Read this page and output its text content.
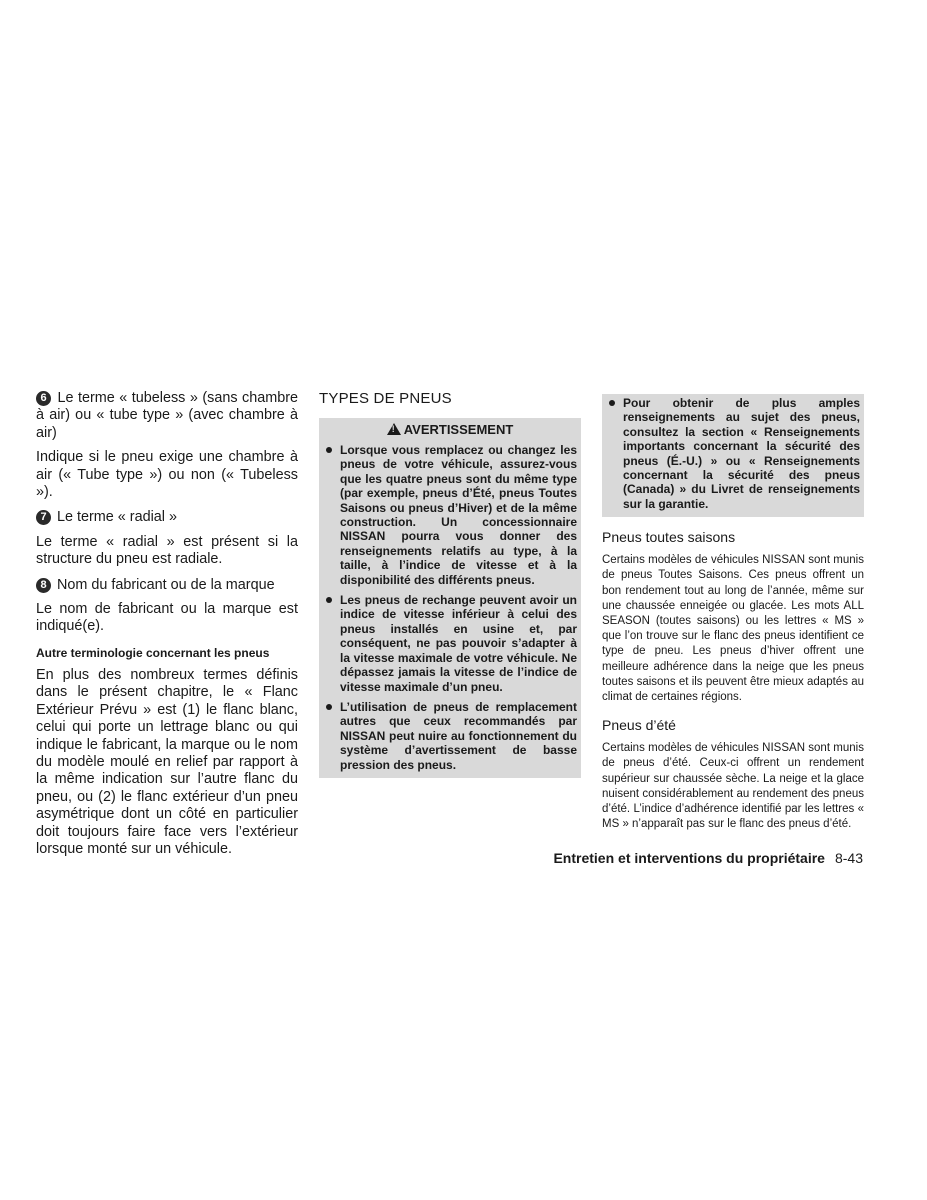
6 Le terme « tubeless » (sans chambre à air) ou « tube type » (avec chambre à air)

Indique si le pneu exige une chambre à air (« Tube type ») ou non (« Tubeless »).

7 Le terme « radial »

Le terme « radial » est présent si la structure du pneu est radiale.

8 Nom du fabricant ou de la marque

Le nom de fabricant ou la marque est indiqué(e).

Autre terminologie concernant les pneus

En plus des nombreux termes définis dans le présent chapitre, le « Flanc Extérieur Prévu » est (1) le flanc blanc, celui qui porte un lettrage blanc ou qui indique le fabricant, la marque ou le nom du modèle moulé en relief par rapport à la même indication sur l’autre flanc du pneu, ou (2) le flanc extérieur d’un pneu asymétrique dont un côté en particulier doit toujours faire face vers l’extérieur lorsque monté sur un véhicule.

TYPES DE PNEUS
!AVERTISSEMENT
Lorsque vous remplacez ou changez les pneus de votre véhicule, assurez-vous que les quatre pneus sont du même type (par exemple, pneus d’Été, pneus Toutes Saisons ou pneus d’Hiver) et de la même construction. Un concessionnaire NISSAN pourra vous donner des renseignements relatifs au type, à la taille, à l’indice de vitesse et à la disponibilité des différents pneus.
Les pneus de rechange peuvent avoir un indice de vitesse inférieur à celui des pneus installés en usine et, par conséquent, ne pas pouvoir s’adapter à la vitesse maximale de votre véhicule. Ne dépassez jamais la vitesse de l’indice de vitesse maximale d’un pneu.
L’utilisation de pneus de remplacement autres que ceux recommandés par NISSAN peut nuire au fonctionnement du système d’avertissement de basse pression des pneus.
Pour obtenir de plus amples renseignements au sujet des pneus, consultez la section « Renseignements importants concernant la sécurité des pneus (É.-U.) » ou « Renseignements concernant la sécurité des pneus (Canada) » du Livret de renseignements sur la garantie.
Pneus toutes saisons

Certains modèles de véhicules NISSAN sont munis de pneus Toutes Saisons. Ces pneus offrent un bon rendement tout au long de l’année, même sur une chaussée enneigée ou glacée. Les mots ALL SEASON (toutes saisons) ou les lettres « MS » que l’on trouve sur le flanc des pneus identifient ce type de pneu. Les pneus d’hiver offrent une meilleure adhérence dans la neige que les pneus toutes saisons et ils peuvent être mieux adaptés au climat de certaines régions.

Pneus d’été

Certains modèles de véhicules NISSAN sont munis de pneus d’été. Ceux-ci offrent un rendement supérieur sur chaussée sèche. La neige et la glace nuisent considérablement au rendement des pneus d’été. L’indice d’adhérence identifié par les lettres « MS » n’apparaît pas sur le flanc des pneus d’été.

Entretien et interventions du propriétaire 8-43
